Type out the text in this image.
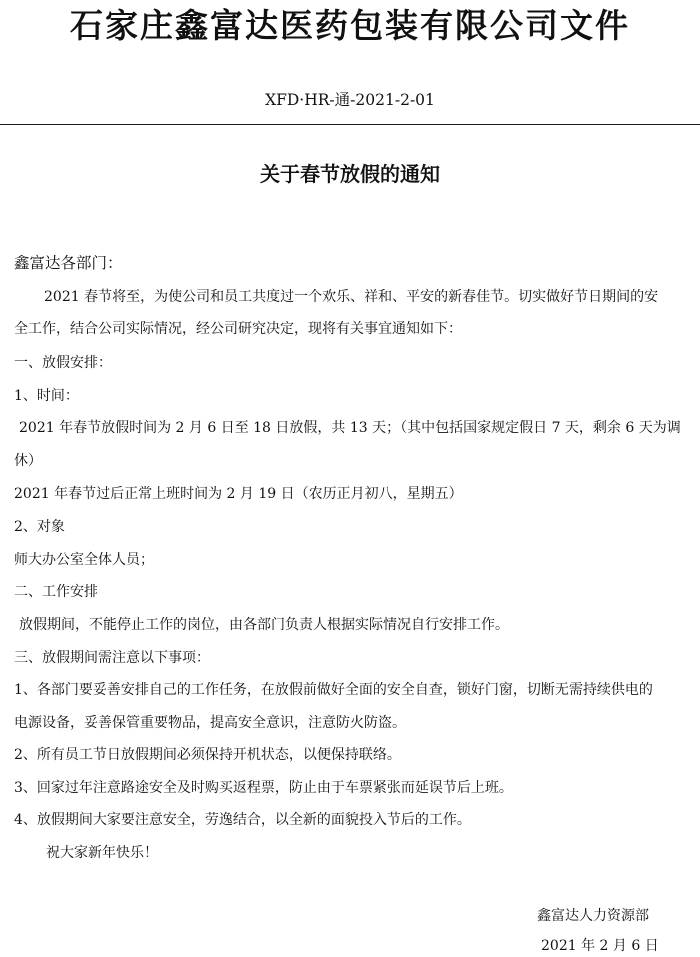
石家庄鑫富达医药包装有限公司文件
XFD·HR-通-2021-2-01
关于春节放假的通知
鑫富达各部门：
2021 春节将至，为使公司和员工共度过一个欢乐、祥和、平安的新春佳节。切实做好节日期间的安
全工作，结合公司实际情况，经公司研究决定，现将有关事宜通知如下：
一、放假安排：
1、时间：
2021 年春节放假时间为 2 月 6 日至 18 日放假，共 13 天；（其中包括国家规定假日 7 天，剩余 6 天为调
休）
2021 年春节过后正常上班时间为 2 月 19 日（农历正月初八，星期五）
2、对象
师大办公室全体人员；
二、工作安排
放假期间，不能停止工作的岗位，由各部门负责人根据实际情况自行安排工作。
三、放假期间需注意以下事项：
1、各部门要妥善安排自己的工作任务，在放假前做好全面的安全自查，锁好门窗，切断无需持续供电的
电源设备，妥善保管重要物品，提高安全意识，注意防火防盗。
2、所有员工节日放假期间必须保持开机状态，以便保持联络。
3、回家过年注意路途安全及时购买返程票，防止由于车票紧张而延误节后上班。
4、放假期间大家要注意安全，劳逸结合，以全新的面貌投入节后的工作。
祝大家新年快乐！
鑫富达人力资源部
2021 年 2 月 6 日
